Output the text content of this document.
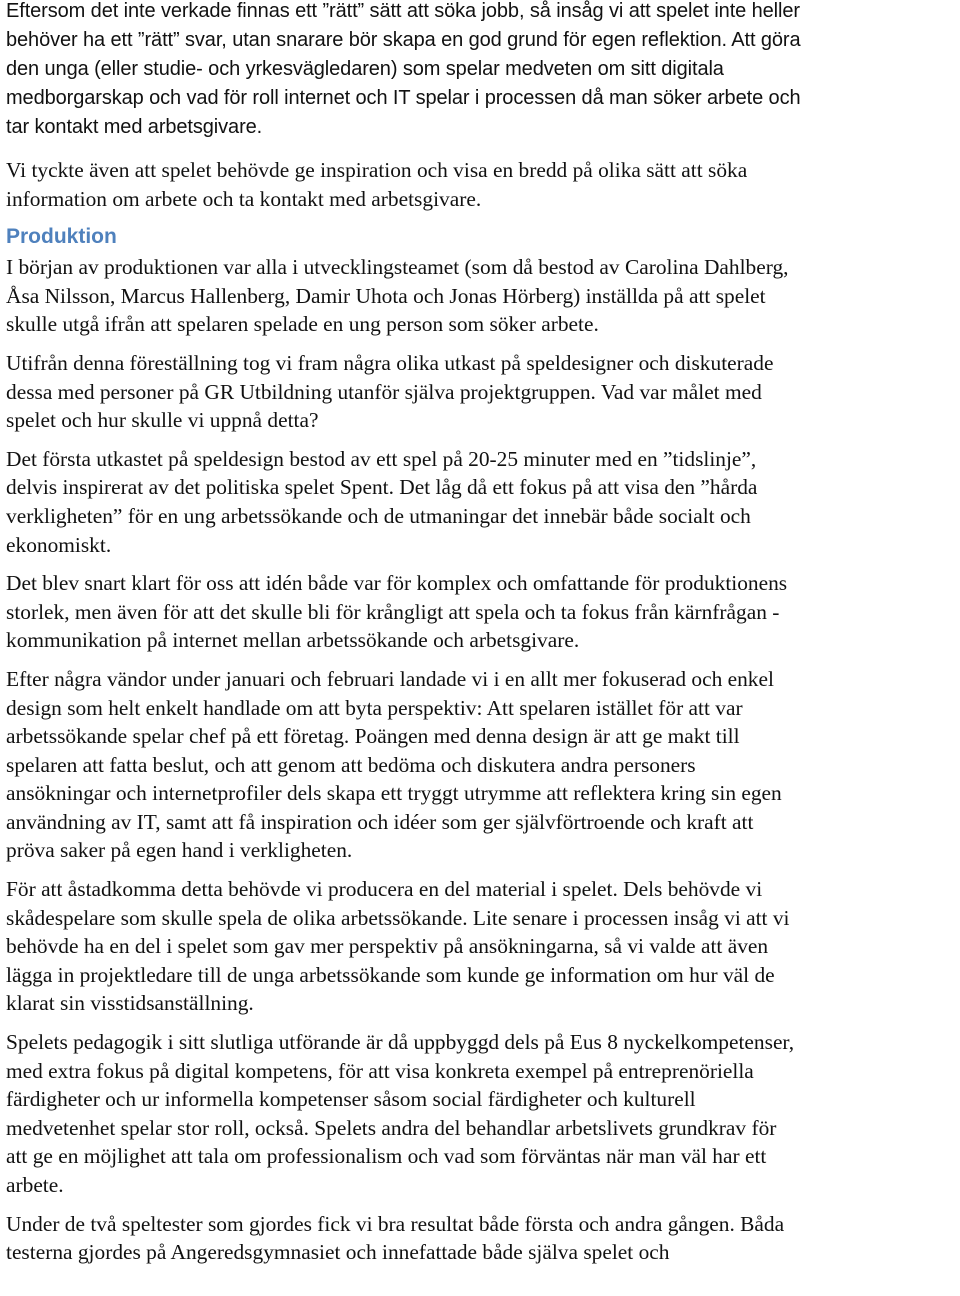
Eftersom det inte verkade finnas ett ”rätt” sätt att söka jobb, så insåg vi att spelet inte heller
behöver ha ett ”rätt” svar, utan snarare bör skapa en god grund för egen reflektion. Att göra
den unga (eller studie- och yrkesvägledaren) som spelar medveten om sitt digitala
medborgarskap och vad för roll internet och IT spelar i processen då man söker arbete och
tar kontakt med arbetsgivare.

Vi tyckte även att spelet behövde ge inspiration och visa en bredd på olika sätt att söka
information om arbete och ta kontakt med arbetsgivare.

Produktion

I början av produktionen var alla i utvecklingsteamet (som då bestod av Carolina Dahlberg,
Åsa Nilsson, Marcus Hallenberg, Damir Uhota och Jonas Hörberg) inställda på att spelet
skulle utgå ifrån att spelaren spelade en ung person som söker arbete.

Utifrån denna föreställning tog vi fram några olika utkast på speldesigner och diskuterade
dessa med personer på GR Utbildning utanför själva projektgruppen. Vad var målet med
spelet och hur skulle vi uppnå detta?

Det första utkastet på speldesign bestod av ett spel på 20-25 minuter med en ”tidslinje”,
delvis inspirerat av det politiska spelet Spent. Det låg då ett fokus på att visa den ”hårda
verkligheten” för en ung arbetssökande och de utmaningar det innebär både socialt och
ekonomiskt.

Det blev snart klart för oss att idén både var för komplex och omfattande för produktionens
storlek, men även för att det skulle bli för krångligt att spela och ta fokus från kärnfrågan -
kommunikation på internet mellan arbetssökande och arbetsgivare.

Efter några vändor under januari och februari landade vi i en allt mer fokuserad och enkel
design som helt enkelt handlade om att byta perspektiv: Att spelaren istället för att var
arbetssökande spelar chef på ett företag. Poängen med denna design är att ge makt till
spelaren att fatta beslut, och att genom att bedöma och diskutera andra personers
ansökningar och internetprofiler dels skapa ett tryggt utrymme att reflektera kring sin egen
användning av IT, samt att få inspiration och idéer som ger självförtroende och kraft att
pröva saker på egen hand i verkligheten.

För att åstadkomma detta behövde vi producera en del material i spelet. Dels behövde vi
skådespelare som skulle spela de olika arbetssökande. Lite senare i processen insåg vi att vi
behövde ha en del i spelet som gav mer perspektiv på ansökningarna, så vi valde att även
lägga in projektledare till de unga arbetssökande som kunde ge information om hur väl de
klarat sin visstidsanställning.

Spelets pedagogik i sitt slutliga utförande är då uppbyggd dels på Eus 8 nyckelkompetenser,
med extra fokus på digital kompetens, för att visa konkreta exempel på entreprenöriella
färdigheter och ur informella kompetenser såsom social färdigheter och kulturell
medvetenhet spelar stor roll, också. Spelets andra del behandlar arbetslivets grundkrav för
att ge en möjlighet att tala om professionalism och vad som förväntas när man väl har ett
arbete.

Under de två speltester som gjordes fick vi bra resultat både första och andra gången. Båda
testerna gjordes på Angeredsgymnasiet och innefattade både själva spelet och
